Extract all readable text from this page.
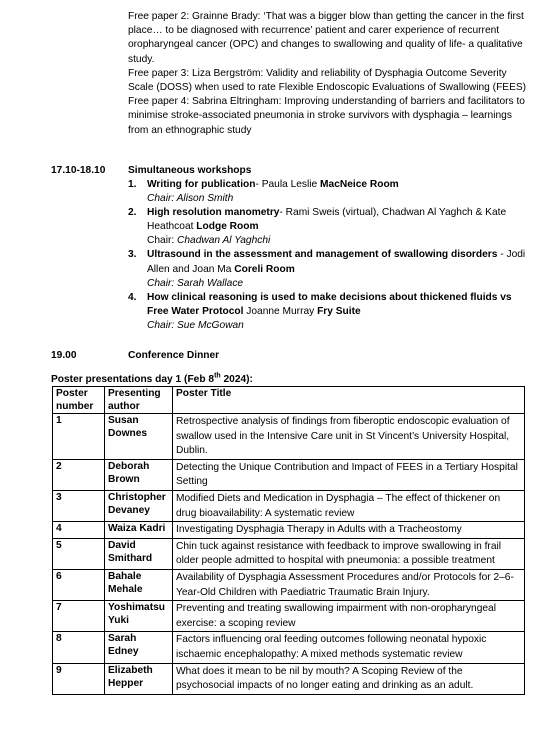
Free paper 2: Grainne Brady: ‘That was a bigger blow than getting the cancer in the first place… to be diagnosed with recurrence’ patient and carer experience of recurrent oropharyngeal cancer (OPC) and changes to swallowing and quality of life- a qualitative study.

Free paper 3: Liza Bergström: Validity and reliability of Dysphagia Outcome Severity Scale (DOSS) when used to rate Flexible Endoscopic Evaluations of Swallowing (FEES)

Free paper 4: Sabrina Eltringham: Improving understanding of barriers and facilitators to minimise stroke-associated pneumonia in stroke survivors with dysphagia – learnings from an ethnographic study

17.10-18.10 Simultaneous workshops
1. Writing for publication- Paula Leslie MacNeice Room
Chair: Alison Smith
2. High resolution manometry- Rami Sweis (virtual), Chadwan Al Yaghch & Kate Heathcoat Lodge Room
Chair: Chadwan Al Yaghchi
3. Ultrasound in the assessment and management of swallowing disorders - Jodi Allen and Joan Ma Coreli Room
Chair: Sarah Wallace
4. How clinical reasoning is used to make decisions about thickened fluids vs Free Water Protocol Joanne Murray Fry Suite
Chair: Sue McGowan
19.00	Conference Dinner
Poster presentations day 1 (Feb 8th 2024):
Poster number	Presenting author	Poster Title
1	Susan Downes	Retrospective analysis of findings from fiberoptic endoscopic evaluation of swallow used in the Intensive Care unit in St Vincent’s University Hospital, Dublin.
2	Deborah Brown	Detecting the Unique Contribution and Impact of FEES in a Tertiary Hospital Setting
3	Christopher Devaney	Modified Diets and Medication in Dysphagia – The effect of thickener on drug bioavailability: A systematic review
4	Waiza Kadri	Investigating Dysphagia Therapy in Adults with a Tracheostomy
5	David Smithard	Chin tuck against resistance with feedback to improve swallowing in frail older people admitted to hospital with pneumonia: a possible treatment
6	Bahale Mehale	Availability of Dysphagia Assessment Procedures and/or Protocols for 2–6-Year-Old Children with Paediatric Traumatic Brain Injury.
7	Yoshimatsu Yuki	Preventing and treating swallowing impairment with non-oropharyngeal exercise: a scoping review
8	Sarah Edney	Factors influencing oral feeding outcomes following neonatal hypoxic ischaemic encephalopathy: A mixed methods systematic review
9	Elizabeth Hepper	What does it mean to be nil by mouth? A Scoping Review of the psychosocial impacts of no longer eating and drinking as an adult.
